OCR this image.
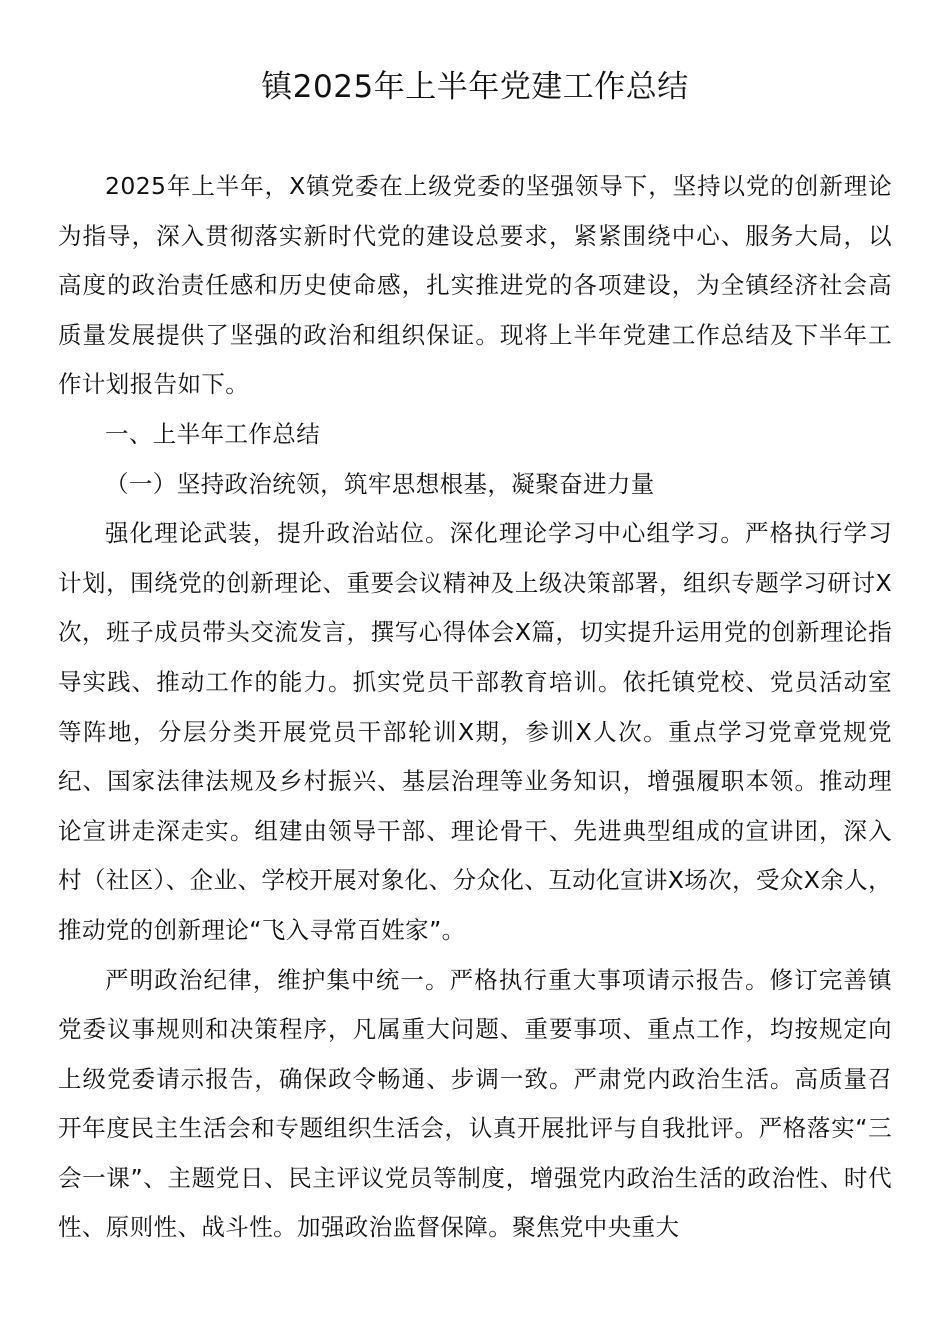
镇2025年上半年党建工作总结

2025年上半年，X镇党委在上级党委的坚强领导下，坚持以党的创新理论为指导，深入贯彻落实新时代党的建设总要求，紧紧围绕中心、服务大局，以高度的政治责任感和历史使命感，扎实推进党的各项建设，为全镇经济社会高质量发展提供了坚强的政治和组织保证。现将上半年党建工作总结及下半年工作计划报告如下。

一、上半年工作总结

（一）坚持政治统领，筑牢思想根基，凝聚奋进力量

强化理论武装，提升政治站位。深化理论学习中心组学习。严格执行学习计划，围绕党的创新理论、重要会议精神及上级决策部署，组织专题学习研讨X次，班子成员带头交流发言，撰写心得体会X篇，切实提升运用党的创新理论指导实践、推动工作的能力。抓实党员干部教育培训。依托镇党校、党员活动室等阵地，分层分类开展党员干部轮训X期，参训X人次。重点学习党章党规党纪、国家法律法规及乡村振兴、基层治理等业务知识，增强履职本领。推动理论宣讲走深走实。组建由领导干部、理论骨干、先进典型组成的宣讲团，深入村（社区）、企业、学校开展对象化、分众化、互动化宣讲X场次，受众X余人，推动党的创新理论“飞入寻常百姓家”。

严明政治纪律，维护集中统一。严格执行重大事项请示报告。修订完善镇党委议事规则和决策程序，凡属重大问题、重要事项、重点工作，均按规定向上级党委请示报告，确保政令畅通、步调一致。严肃党内政治生活。高质量召开年度民主生活会和专题组织生活会，认真开展批评与自我批评。严格落实“三会一课”、主题党日、民主评议党员等制度，增强党内政治生活的政治性、时代性、原则性、战斗性。加强政治监督保障。聚焦党中央重大
